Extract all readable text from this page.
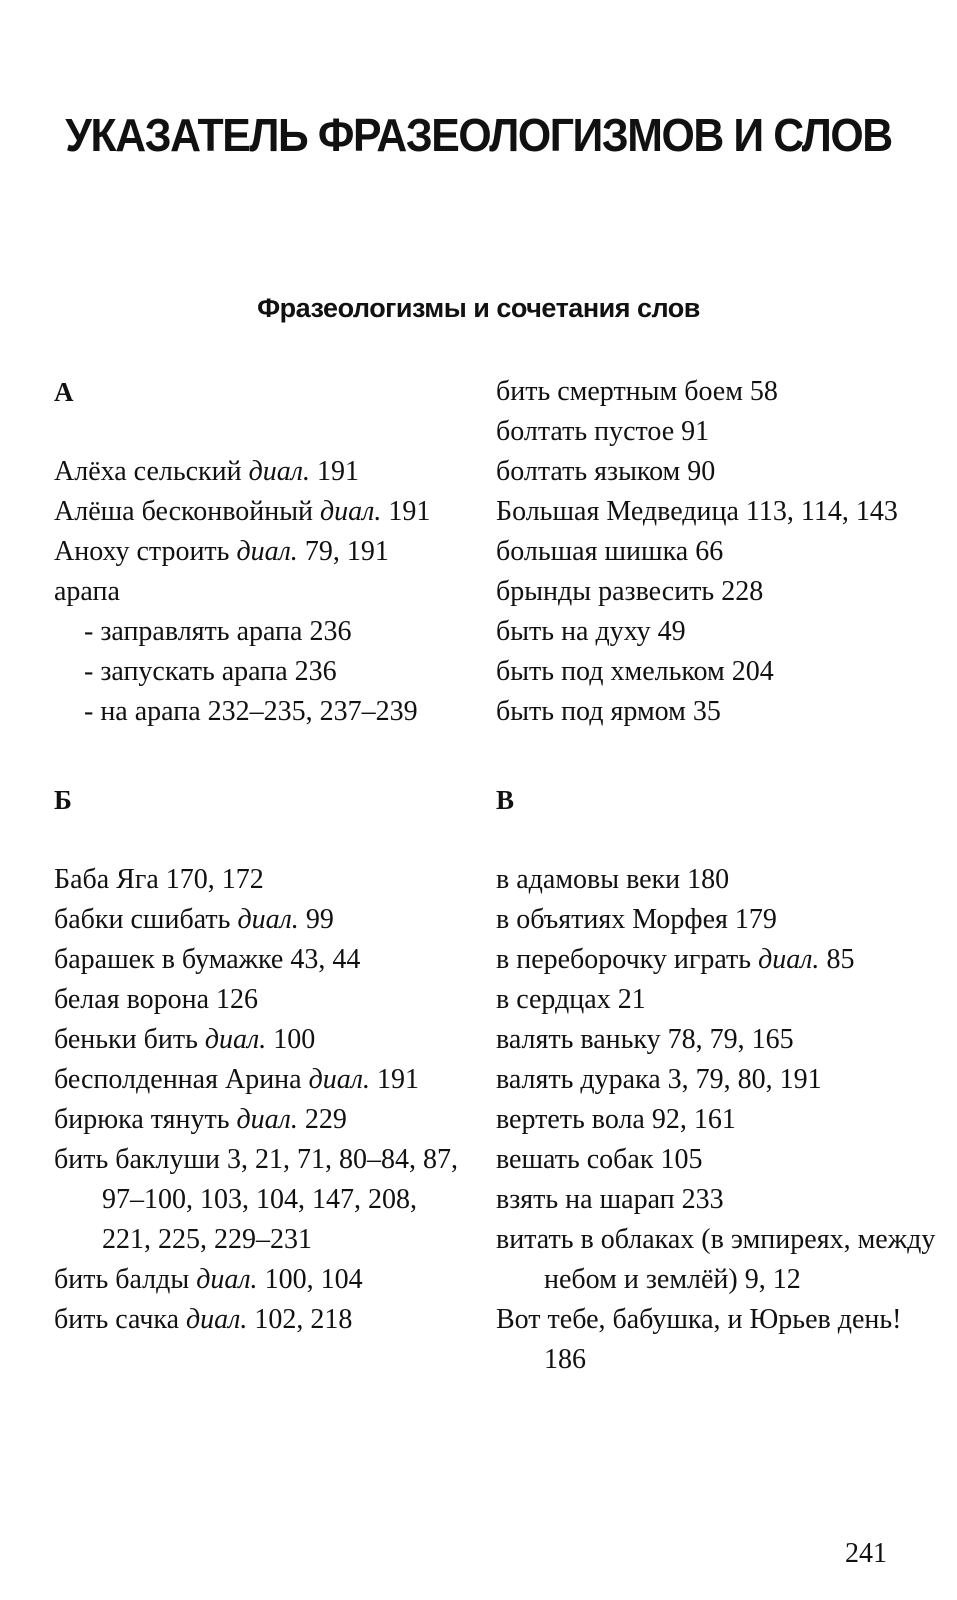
УКАЗАТЕЛЬ ФРАЗЕОЛОГИЗМОВ И СЛОВ
Фразеологизмы и сочетания слов
А
Алёха сельский диал. 191
Алёша бесконвойный диал. 191
Аноху строить диал. 79, 191
арапа
- заправлять арапа 236
- запускать арапа 236
- на арапа 232–235, 237–239
Б
Баба Яга 170, 172
бабки сшибать диал. 99
барашек в бумажке 43, 44
белая ворона 126
беньки бить диал. 100
бесполденная Арина диал. 191
бирюка тянуть диал. 229
бить баклуши 3, 21, 71, 80–84, 87, 97–100, 103, 104, 147, 208, 221, 225, 229–231
бить балды диал. 100, 104
бить сачка диал. 102, 218
бить смертным боем 58
болтать пустое 91
болтать языком 90
Большая Медведица 113, 114, 143
большая шишка 66
брынды развесить 228
быть на духу 49
быть под хмельком 204
быть под ярмом 35
В
в адамовы веки 180
в объятиях Морфея 179
в переборочку играть диал. 85
в сердцах 21
валять ваньку 78, 79, 165
валять дурака 3, 79, 80, 191
вертеть вола 92, 161
вешать собак 105
взять на шарап 233
витать в облаках (в эмпиреях, между небом и землёй) 9, 12
Вот тебе, бабушка, и Юрьев день! 186
241
